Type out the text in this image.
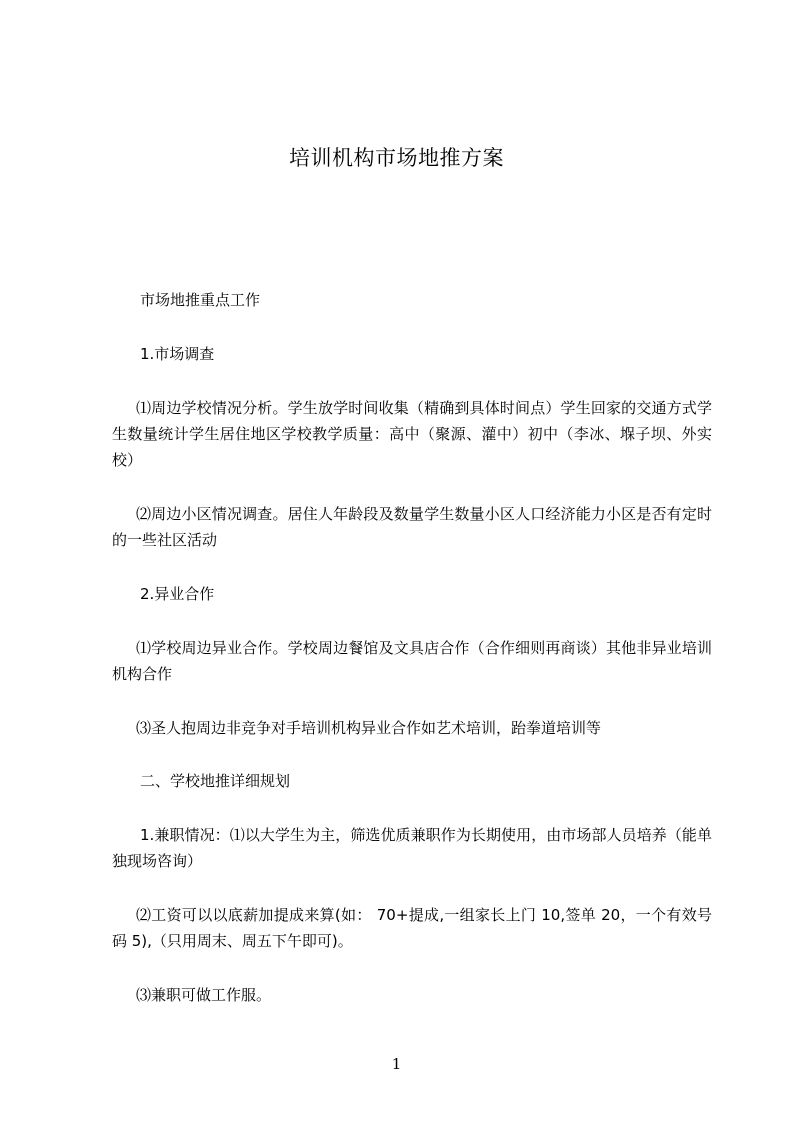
培训机构市场地推方案
市场地推重点工作
1.市场调查
⑴周边学校情况分析。学生放学时间收集（精确到具体时间点）学生回家的交通方式学生数量统计学生居住地区学校教学质量：高中（聚源、灌中）初中（李冰、堢子坝、外实校）
⑵周边小区情况调查。居住人年龄段及数量学生数量小区人口经济能力小区是否有定时的一些社区活动
2.异业合作
⑴学校周边异业合作。学校周边餐馆及文具店合作（合作细则再商谈）其他非异业培训机构合作
⑶圣人抱周边非竞争对手培训机构异业合作如艺术培训，跆拳道培训等
二、学校地推详细规划
1.兼职情况：⑴以大学生为主，筛选优质兼职作为长期使用，由市场部人员培养（能单独现场咨询）
⑵工资可以以底薪加提成来算(如： 70+提成,一组家长上门 10,签单 20，一个有效号码 5),（只用周末、周五下午即可)。
⑶兼职可做工作服。
1
